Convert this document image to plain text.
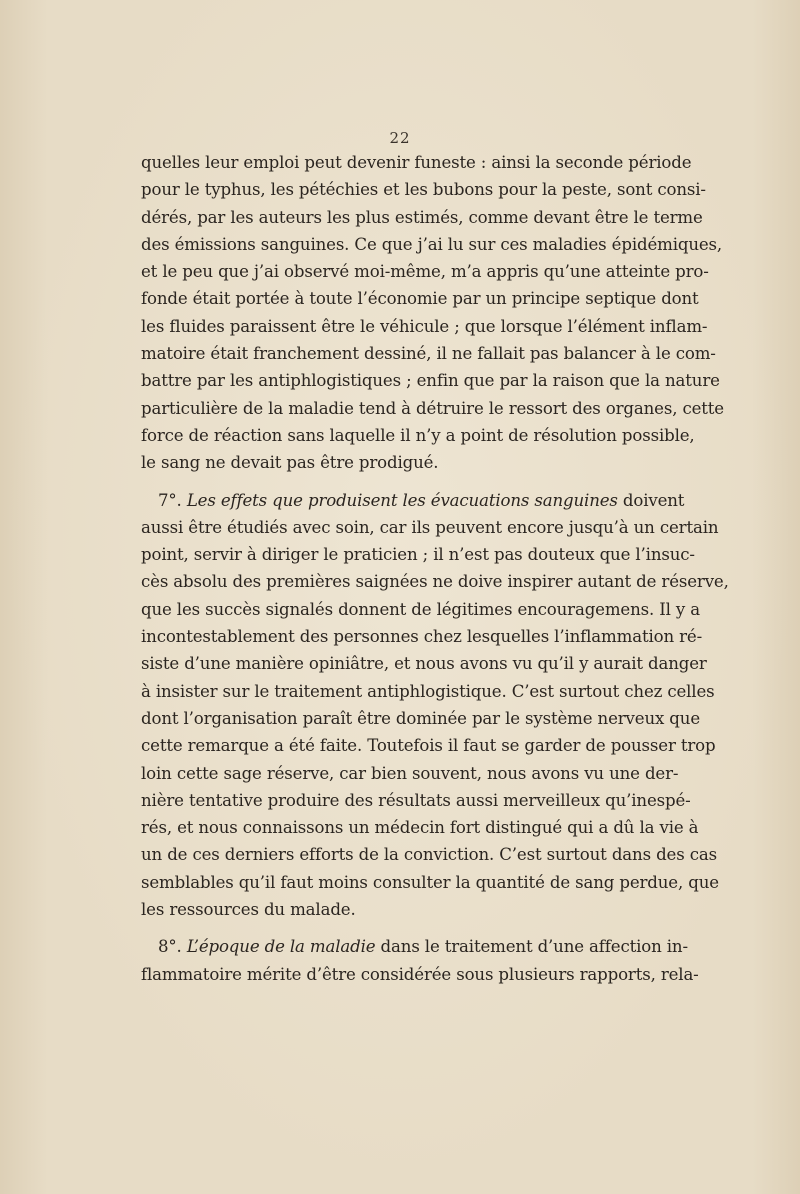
22
quelles leur emploi peut devenir funeste : ainsi la seconde période
pour le typhus, les pétéchies et les bubons pour la peste, sont consi-
dérés, par les auteurs les plus estimés, comme devant être le terme
des émissions sanguines. Ce que j’ai lu sur ces maladies épidémiques,
et le peu que j’ai observé moi-même, m’a appris qu’une atteinte pro-
fonde était portée à toute l’économie par un principe septique dont
les fluides paraissent être le véhicule ; que lorsque l’élément inflam-
matoire était franchement dessiné, il ne fallait pas balancer à le com-
battre par les antiphlogistiques ; enfin que par la raison que la nature
particulière de la maladie tend à détruire le ressort des organes, cette
force de réaction sans laquelle il n’y a point de résolution possible,
le sang ne devait pas être prodigué.
7°. Les effets que produisent les évacuations sanguines doivent
aussi être étudiés avec soin, car ils peuvent encore jusqu’à un certain
point, servir à diriger le praticien ; il n’est pas douteux que l’insuc-
cès absolu des premières saignées ne doive inspirer autant de réserve,
que les succès signalés donnent de légitimes encouragemens. Il y a
incontestablement des personnes chez lesquelles l’inflammation ré-
siste d’une manière opiniâtre, et nous avons vu qu’il y aurait danger
à insister sur le traitement antiphlogistique. C’est surtout chez celles
dont l’organisation paraît être dominée par le système nerveux que
cette remarque a été faite. Toutefois il faut se garder de pousser trop
loin cette sage réserve, car bien souvent, nous avons vu une der-
nière tentative produire des résultats aussi merveilleux qu’inespé-
rés, et nous connaissons un médecin fort distingué qui a dû la vie à
un de ces derniers efforts de la conviction. C’est surtout dans des cas
semblables qu’il faut moins consulter la quantité de sang perdue, que
les ressources du malade.
8°. L’époque de la maladie dans le traitement d’une affection in-
flammatoire mérite d’être considérée sous plusieurs rapports, rela-
